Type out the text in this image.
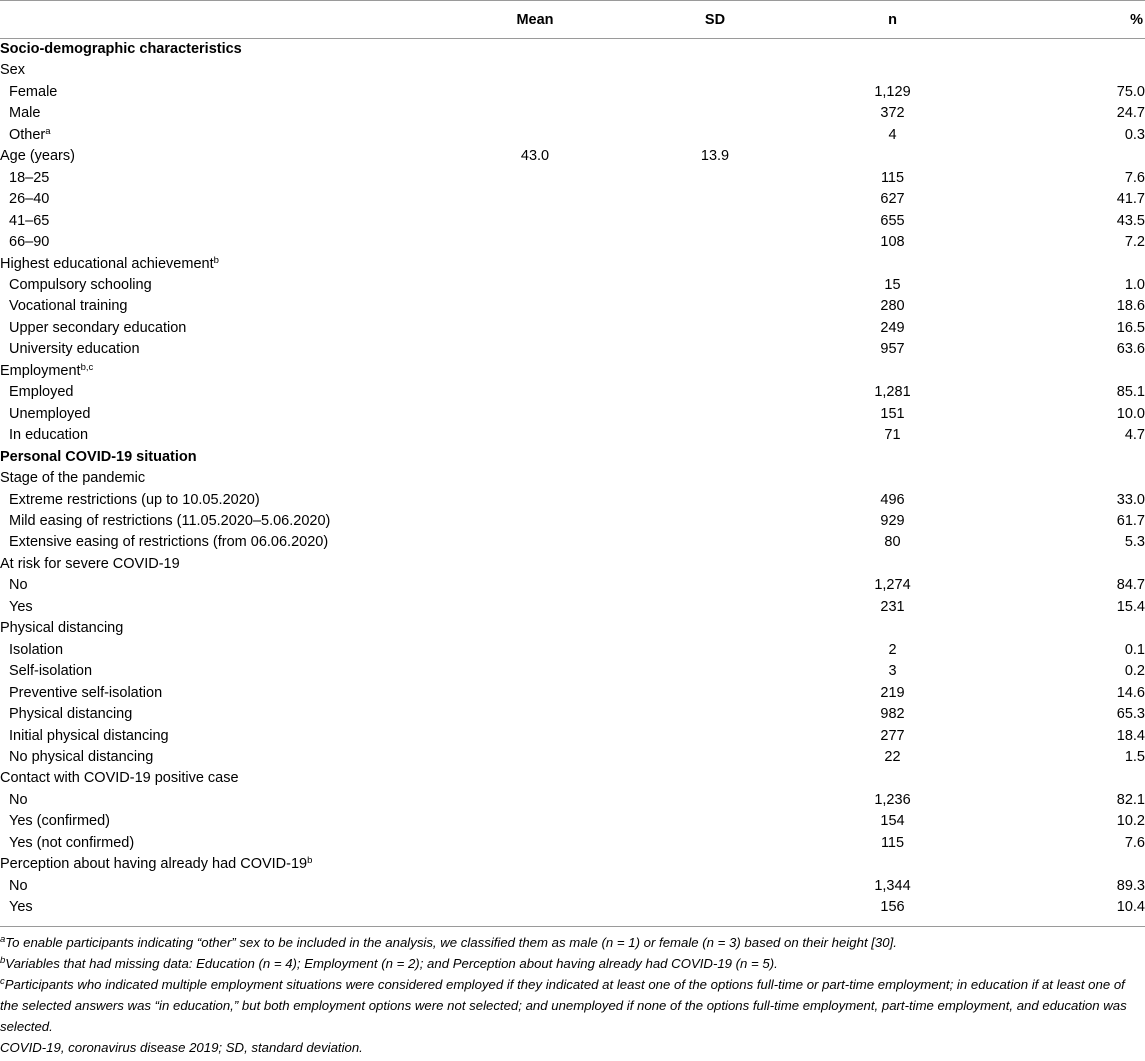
	Mean	SD	n	%
Socio-demographic characteristics				
Sex				
Female			1,129	75.0
Male			372	24.7
Other$^a$			4	0.3
Age (years)	43.0	13.9		
18–25			115	7.6
26–40			627	41.7
41–65			655	43.5
66–90			108	7.2
Highest educational achievement$^b$				
Compulsory schooling			15	1.0
Vocational training			280	18.6
Upper secondary education			249	16.5
University education			957	63.6
Employment$^{b,c}$				
Employed			1,281	85.1
Unemployed			151	10.0
In education			71	4.7
Personal COVID-19 situation				
Stage of the pandemic				
Extreme restrictions (up to 10.05.2020)			496	33.0
Mild easing of restrictions (11.05.2020–5.06.2020)			929	61.7
Extensive easing of restrictions (from 06.06.2020)			80	5.3
At risk for severe COVID-19				
No			1,274	84.7
Yes			231	15.4
Physical distancing				
Isolation			2	0.1
Self-isolation			3	0.2
Preventive self-isolation			219	14.6
Physical distancing			982	65.3
Initial physical distancing			277	18.4
No physical distancing			22	1.5
Contact with COVID-19 positive case				
No			1,236	82.1
Yes (confirmed)			154	10.2
Yes (not confirmed)			115	7.6
Perception about having already had COVID-19$^b$				
No			1,344	89.3
Yes			156	10.4

$^a$To enable participants indicating “other” sex to be included in the analysis, we classified them as male (n = 1) or female (n = 3) based on their height [30].

$^b$Variables that had missing data: Education (n = 4); Employment (n = 2); and Perception about having already had COVID-19 (n = 5).

$^c$Participants who indicated multiple employment situations were considered employed if they indicated at least one of the options full-time or part-time employment; in education if at least one of the selected answers was “in education,” but both employment options were not selected; and unemployed if none of the options full-time employment, part-time employment, and education was selected.

COVID-19, coronavirus disease 2019; SD, standard deviation.
